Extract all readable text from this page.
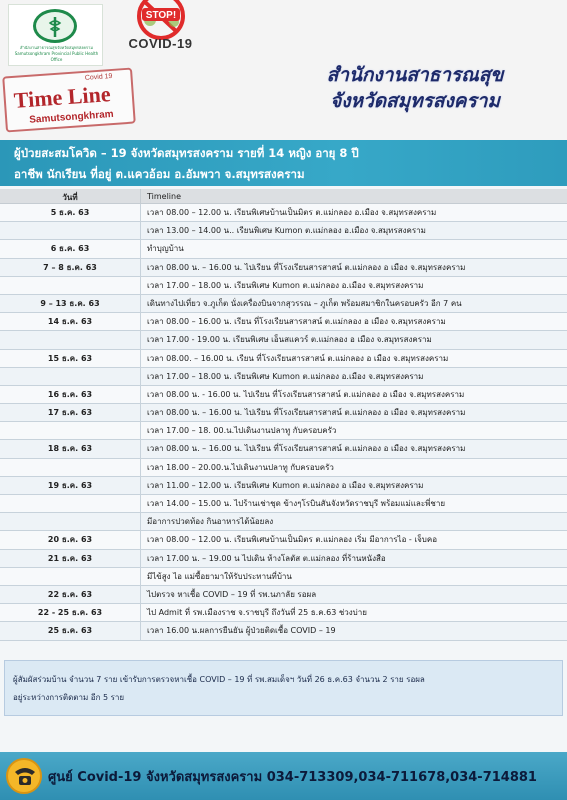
สำนักงานสาธารณสุขจังหวัดสมุทรสงคราม Samutsongkhram Provincial Public Health Office
STOP!
COVID-19
Covid 19
Time Line
Samutsongkhram
สำนักงานสาธารณสุข
จังหวัดสมุทรสงคราม
ผู้ป่วยสะสมโควิด – 19 จังหวัดสมุทรสงคราม รายที่ 14 หญิง อายุ 8 ปี
อาชีพ นักเรียน ที่อยู่ ต.แควอ้อม อ.อัมพวา จ.สมุทรสงคราม
วันที่	Timeline
5 ธ.ค. 63	เวลา 08.00 – 12.00 น. เรียนพิเศษบ้านเป็นมิตร ต.แม่กลอง อ.เมือง จ.สมุทรสงคราม
เวลา 13.00 – 14.00 น.. เรียนพิเศษ Kumon ต.แม่กลอง อ.เมือง จ.สมุทรสงคราม
6 ธ.ค. 63	ทำบุญบ้าน
7 – 8 ธ.ค. 63	เวลา 08.00 น. – 16.00 น. ไปเรียน ที่โรงเรียนสารสาสน์ ต.แม่กลอง อ เมือง จ.สมุทรสงคราม
เวลา 17.00 – 18.00 น. เรียนพิเศษ Kumon ต.แม่กลอง อ.เมือง จ.สมุทรสงคราม
9 – 13 ธ.ค. 63	เดินทางไปเที่ยว จ.ภูเก็ต นั่งเครื่องบินจากสุวรรณ – ภูเก็ต พร้อมสมาชิกในครอบครัว อีก 7 คน
14 ธ.ค. 63	เวลา 08.00 – 16.00 น. เรียน ที่โรงเรียนสารสาสน์ ต.แม่กลอง อ เมือง จ.สมุทรสงคราม
เวลา 17.00 - 19.00 น. เรียนพิเศษ เอ็นสแควร์ ต.แม่กลอง อ เมือง จ.สมุทรสงคราม
15 ธ.ค. 63	เวลา 08.00. – 16.00 น. เรียน ที่โรงเรียนสารสาสน์ ต.แม่กลอง อ เมือง จ.สมุทรสงคราม
เวลา 17.00 – 18.00 น. เรียนพิเศษ Kumon ต.แม่กลอง อ.เมือง จ.สมุทรสงคราม
16 ธ.ค. 63	เวลา 08.00 น. - 16.00 น. ไปเรียน ที่โรงเรียนสารสาสน์ ต.แม่กลอง อ เมือง จ.สมุทรสงคราม
17 ธ.ค. 63	เวลา 08.00 น. – 16.00 น. ไปเรียน ที่โรงเรียนสารสาสน์ ต.แม่กลอง อ เมือง จ.สมุทรสงคราม
เวลา 17.00 – 18. 00.น.ไปเดินงานปลาทู กับครอบครัว
18 ธ.ค. 63	เวลา 08.00 น. – 16.00 น. ไปเรียน ที่โรงเรียนสารสาสน์ ต.แม่กลอง อ เมือง จ.สมุทรสงคราม
เวลา 18.00 – 20.00.น.ไปเดินงานปลาทู กับครอบครัว
19 ธ.ค. 63	เวลา 11.00 – 12.00 น. เรียนพิเศษ Kumon ต.แม่กลอง อ เมือง จ.สมุทรสงคราม
เวลา 14.00 – 15.00 น. ไปร้านเช่าชุด ข้างๆโรบินสันจังหวัดราชบุรี พร้อมแม่และพี่ชาย
มีอาการปวดท้อง กินอาหารได้น้อยลง
20 ธ.ค. 63	เวลา 08.00 – 12.00 น. เรียนพิเศษบ้านเป็นมิตร ต.แม่กลอง เริ่ม มีอาการไอ - เจ็บคอ
21 ธ.ค. 63	เวลา 17.00 น. – 19.00 น ไปเดิน ห้างโลตัส ต.แม่กลอง ที่ร้านหนังสือ
มีไข้สูง ไอ แม่ซื้อยามาให้รับประทานที่บ้าน
22 ธ.ค. 63	ไปตรวจ หาเชื้อ COVID – 19 ที่ รพ.นภาลัย รอผล
22 - 25 ธ.ค. 63	ไป Admit ที่ รพ.เมืองราช จ.ราชบุรี ถึงวันที่ 25 ธ.ค.63 ช่วงบ่าย
25 ธ.ค. 63	เวลา 16.00 น.ผลการยืนยัน ผู้ป่วยติดเชื้อ COVID – 19

ผู้สัมผัสร่วมบ้าน จำนวน 7 ราย เข้ารับการตรวจหาเชื้อ COVID – 19 ที่ รพ.สมเด็จฯ วันที่ 26 ธ.ค.63 จำนวน 2 ราย รอผล

อยู่ระหว่างการติดตาม อีก 5 ราย

ศูนย์ Covid-19 จังหวัดสมุทรสงคราม 034-713309,034-711678,034-714881
